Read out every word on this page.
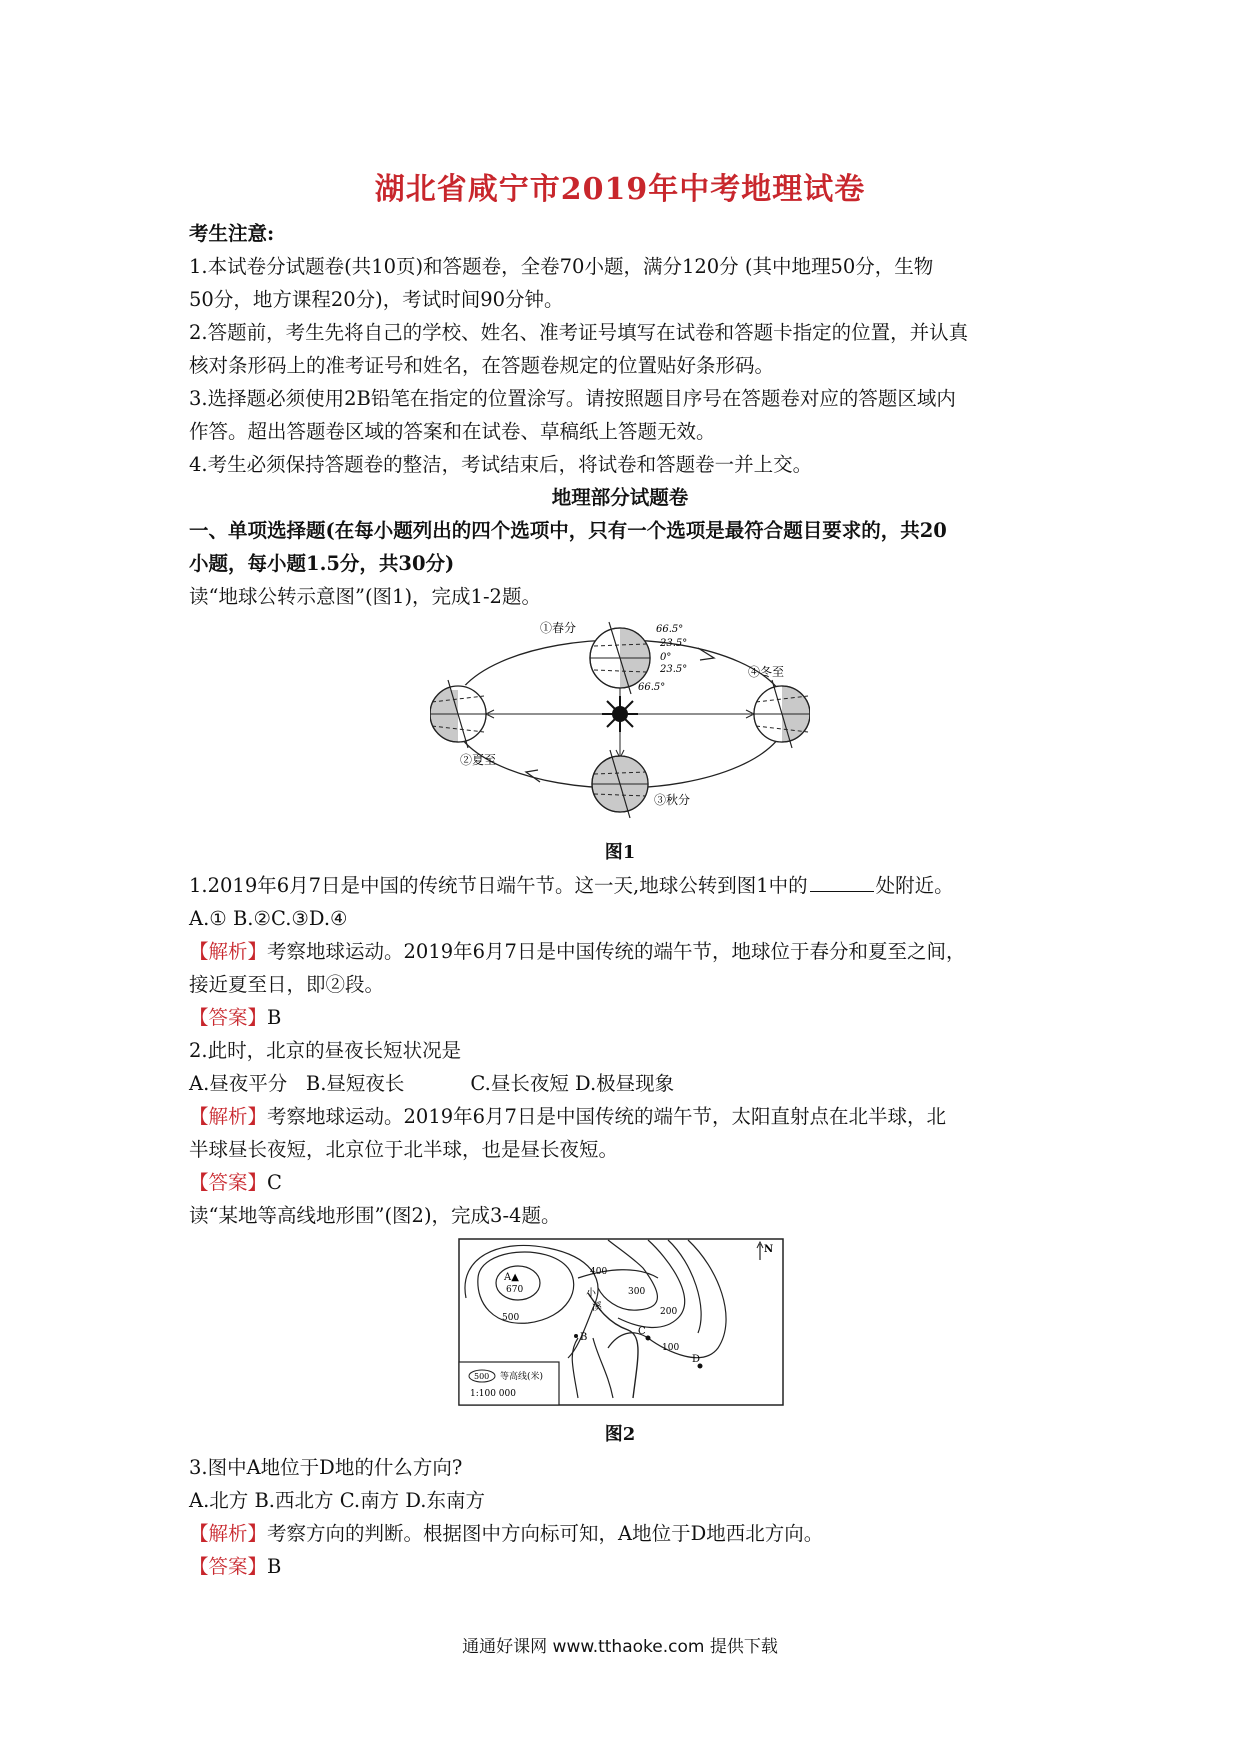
湖北省咸宁市2019年中考地理试卷
考生注意:
1.本试卷分试题卷(共10页)和答题卷，全卷70小题，满分120分 (其中地理50分，生物
50分，地方课程20分)，考试时间90分钟。
2.答题前，考生先将自己的学校、姓名、准考证号填写在试卷和答题卡指定的位置，并认真
核对条形码上的准考证号和姓名，在答题卷规定的位置贴好条形码。
3.选择题必须使用2B铅笔在指定的位置涂写。请按照题目序号在答题卷对应的答题区域内
作答。超出答题卷区域的答案和在试卷、草稿纸上答题无效。
4.考生必须保持答题卷的整洁，考试结束后，将试卷和答题卷一并上交。
地理部分试题卷
一、单项选择题(在每小题列出的四个选项中，只有一个选项是最符合题目要求的，共20
小题，每小题1.5分，共30分)
读“地球公转示意图”(图1)，完成1-2题。
①春分
②夏至
③秋分
④冬至
66.5°
23.5°
0°
23.5°
66.5°
图1
1.2019年6月7日是中国的传统节日端午节。这一天,地球公转到图1中的	处附近。
A.① B.②C.③D.④
【解析】考察地球运动。2019年6月7日是中国传统的端午节，地球位于春分和夏至之间，
接近夏至日，即②段。
【答案】B
2.此时，北京的昼夜长短状况是
A.昼夜平分 B.昼短夜长	C.昼长夜短 D.极昼现象
【解析】考察地球运动。2019年6月7日是中国传统的端午节，太阳直射点在北半球，北
半球昼长夜短，北京位于北半球，也是昼长夜短。
【答案】C
读“某地等高线地形围”(图2)，完成3-4题。
N
A▲
670
500
400
300
200
100
小
溪
B
C
D
500 等高线(米)
1:100 000
图2
3.图中A地位于D地的什么方向?
A.北方 B.西北方 C.南方 D.东南方
【解析】考察方向的判断。根据图中方向标可知，A地位于D地西北方向。
【答案】B
通通好课网 www.tthaoke.com 提供下载
